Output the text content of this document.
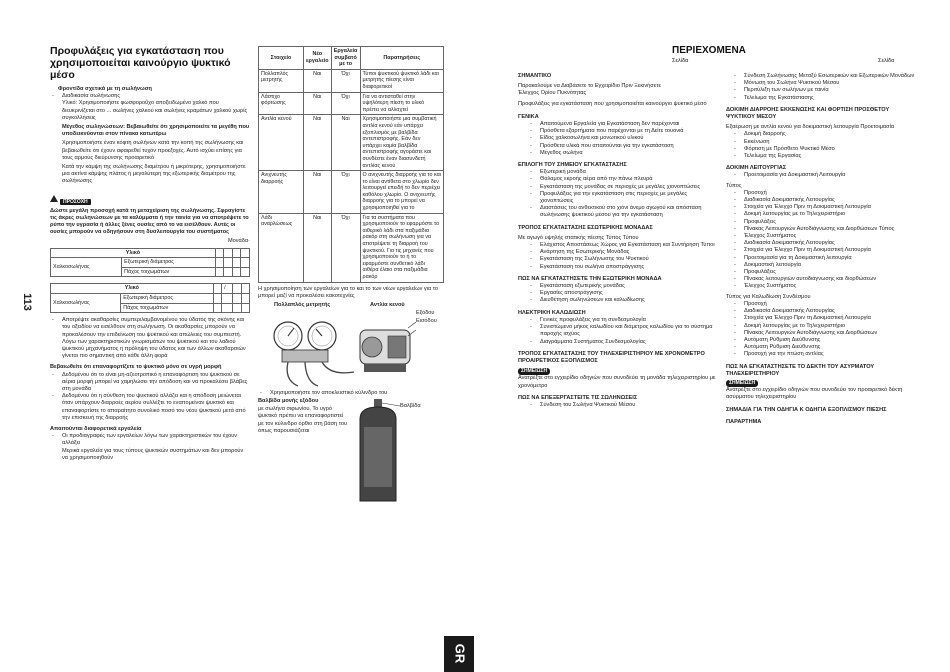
113
GR
Προφυλάξεις για εγκατάσταση που χρησιμοποιείται καινούργιο ψυκτικό μέσο
Φροντίδα σχετικά με τη σωλήνωση
- Διαδικασία σωλήνωσης
Υλικό: Χρησιμοποιήστε φωσφοροΰχο αποξειδωμένο χαλκό που διευκρινίζεται στο ... σωλήνες χαλκού και σωλήνες κραμάτων χαλκού χωρίς συγκολλήσεις
Μέγεθος σωληνώσεων: Βεβαιωθείτε ότι χρησιμοποιείτε τα μεγέθη που υποδεικνύονται στον πίνακα κατωτέρω
Χρησιμοποιήστε έναν κόφτη σωλήνων κατά την κοπή της σωλήνωσης και βεβαιωθείτε ότι έχουν αφαιρεθεί τυχόν προεξοχές. Αυτό ισχύει επίσης για τους αρμούς διεύρυνσης προαιρετικό
Κατά την κάμψη της σωλήνωσης διαμέτρου ή μικρότερης, χρησιμοποιήστε μια ακτίνα κάμψης πλάτος ή μεγαλύτερη της εξωτερικής διαμέτρου της σωλήνωσης
ΠΡΟΣΟΧΗ
Δώστε μεγάλη προσοχή κατά τη μεταχείριση της σωλήνωσης. Σφραγίστε τις άκρες σωληνώσεων με τα καλύμματα ή την ταινία για να αποτρέψετε το ρύπο την υγρασία ή άλλες ξένες ουσίες από το να εισέλθουν. Αυτές οι ουσίες μπορούν να οδηγήσουν στη δυσλειτουργία του συστήματος
Μονάδα·
Υλικό					
Χαλκοσωλήνας	Εξωτερική διάμετρος				
	Πάχος τοιχωμάτων				
Υλικό			/		
Χαλκοσωλήνας	Εξωτερική διάμετρος				
	Πάχος τοιχωμάτων				
- Αποτρέψτε ακαθαρσίες συμπεριλαμβανομένου του ύδατος της σκόνης και του οξειδίου να εισέλθουν στη σωλήνωση. Οι ακαθαρσίες μπορούν να προκαλέσουν την επιδείνωση του ψυκτικού και απώλειες του συμπιεστή. Λόγω των χαρακτηριστικών γνωρισμάτων του ψυκτικού και του λαδιού ψυκτικού μηχανήματος η πρόληψη του ύδατος και των άλλων ακαθαρσιών γίνεται πιο σημαντική από κάθε άλλη φορά
Βεβαιωθείτε ότι επαναφορτίζετε το ψυκτικό μόνο σε υγρή μορφή
- Δεδομένου ότι το είναι μη-αζεοτροπικό η επαναφόρτιση του ψυκτικού σε αέρια μορφή μπορεί να χαμηλώσει την απόδοση και να προκαλέσει βλάβες στη μονάδα
- Δεδομένου ότι η σύνθεση του ψυκτικού αλλάζει και η απόδοση μειώνεται όταν υπάρχουν διαρροές αερίου συλλέξτε το εναπομείναν ψυκτικό και επαναφορτίστε το απαραίτητο συνολικό ποσό του νέου ψυκτικού μετά από την επισκευή της διαρροής
Απαιτούνται διαφορετικά εργαλεία
- Οι προδιαγραφές των εργαλείων λόγω των χαρακτηριστικών του έχουν αλλάξει
Μερικά εργαλεία για τους τύπους ψυκτικών συστημάτων και δεν μπορούν να χρησιμοποιηθούν
Στοιχείο	Νέο εργαλείο	Εργαλεία συμβατό με το	Παρατηρήσεις
Πολλαπλός μετρητής	Ναι	Όχι	Τύποι ψυκτικού ψυκτικό λάδι και μετρητής πίεσης είναι διαφορετικοί
Λάστιχο φόρτωσης	Ναι	Όχι	Για να αντισταθεί στην υψηλότερη πίεση το υλικό πρέπει να αλλαχτεί
Αντλία κενού	Ναι	Ναι	Χρησιμοποιήστε μια συμβατική αντλία κενού εάν υπάρχει εξοπλισμός με βαλβίδα αντεπιστροφής. Εάν δεν υπάρχει καμία βαλβίδα αντεπιστροφής αγοράστε και συνδέστε έναν διασυνδετή αντλίας κενού
Ανιχνευτής διαρροής	Ναι	Όχι	Ο ανιχνευτής διαρροής για το και το είναι αντίθετα στο χλωρίο δεν λειτουργεί επειδή το δεν περιέχει καθόλου χλωρίο. Ο ανιχνευτής διαρροής για το μπορεί να χρησιμοποιηθεί για το
Λάδι αναρλώσεως	Ναι	Όχι	Για τα συστήματα που χρησιμοποιούν το εφαρμόστε το αιθερικό λάδι στα παξιμάδια ρακόρ στη σωλήνωση για να αποτρέψετε τη διαρροή του ψυκτικού. Για τις μηχανές που χρησιμοποιούν το ή το εφαρμόστε συνθετικό λάδι αιθέρα έλαιο στα παξιμάδια ρακόρ
Η χρησιμοποίηση των εργαλείων για το και το των νέων εργαλείων για το μπορεί μαζί να προκαλέσει κακοτεχνίες
Πολλαπλός μετρητής	Αντλία κενού
Εξόδου
Εισόδου
- Χρησιμοποιήστε τον αποκλειστικό κύλινδρο του
Βαλβίδα μονής εξόδου
με σωλήνα σιφωνίου. Το υγρό ψυκτικό πρέπει να επαναφορτιστεί με τον κύλινδρο όρθιο στη βάση του όπως παρουσιάζεται
Βαλβίδα
ΠΕΡΙΕΧΟΜΕΝΑ
Σελίδα	Σελίδα
ΣΗΜΑΝΤΙΚΟ
Παρακαλούμε να Διαβάσετε το Εγχειρίδιο Πριν Ξεκινήσετε
Έλεγχος Ορίου Πυκνότητας
Προφυλάξεις για εγκατάσταση που χρησιμοποιείται καινούργιο ψυκτικό μέσο
ΓΕΝΙΚΑ
- Απαιτούμενα Εργαλεία για Εγκατάσταση δεν παρέχονται
- Πρόσθετα εξαρτήματα που παρέχονται με τη Δείτε τουονιά
- Είδος χαλκοσωλήνα και μονωτικού υλικού
- Πρόσθετα υλικά που απαιτούνται για την εγκατάσταση
- Μέγεθος σωλήνα
ΕΠΙΛΟΓΗ ΤΟΥ ΣΗΜΕΙΟΥ ΕΓΚΑΤΑΣΤΑΣΗΣ
- Εξωτερική μονάδα
- Θάλαμος εκροής αέρα από την πάνω πλευρά
- Εγκατάσταση της μονάδας σε περιοχές με μεγάλες χιονοπτώσεις
- Προφυλάξεις για την εγκατάσταση στις περιοχές με μεγάλες χιονοπτώσεις
- Διαστάσεις του ανθεκτικού στο χιόνι άνεμο αγωγού και απόσταση σωλήνωσης ψυκτικού μέσου για την εγκατάσταση
ΤΡΟΠΟΣ ΕΓΚΑΤΑΣΤΑΣΗΣ ΕΣΩΤΕΡΙΚΗΣ ΜΟΝΑΔΑΣ
Με αγωγό υψηλής στατικής πίεσης Τύπος Τύπου
- Ελάχιστος Αποστάσεως Χώρος για Εγκατάσταση και Συντήρηση Τύποι
- Ανάρτηση της Εσωτερικής Μονάδας
- Εγκατάσταση της Σωλήνωσης του Ψυκτικού
- Εγκατάσταση του σωλήνα αποστράγγισης
ΠΩΣ ΝΑ ΕΓΚΑΤΑΣΤΗΣΕΤΕ ΤΗΝ ΕΞΩΤΕΡΙΚΗ ΜΟΝΑΔΑ
- Εγκατάσταση εξωτερικής μονάδας
- Εργασίες αποστράγγισης
- Διευθέτηση σωληνώσεων και καλωδίωσης
ΗΛΕΚΤΡΙΚΗ ΚΑΛΩΔΙΩΣΗ
- Γενικές προφυλάξεις για τη συνδεσμολογία
- Συνιστώμενο μήκος καλωδίου και διάμετρος καλωδίου για το σύστημα παροχής ισχύος
- Διαγράμματα Συστήματος Συνδεσμολογίας
ΤΡΟΠΟΣ ΕΓΚΑΤΑΣΤΑΣΗΣ ΤΟΥ ΤΗΛΕΧΕΙΡΙΣΤΗΡΙΟΥ ΜΕ ΧΡΟΝΟΜΕΤΡΟ ΠΡΟΑΙΡΕΤΙΚΟΣ ΕΞΟΠΛΙΣΜΟΣ
ΣΗΜΕΙΩΣΗ
Ανατρέξτε στο εγχειρίδιο οδηγιών που συνοδεύει τη μονάδα τηλεχειριστηρίου με χρονόμετρο
ΠΩΣ ΝΑ ΕΠΕΞΕΡΓΑΣΤΕΙΤΕ ΤΙΣ ΣΩΛΗΝΩΣΕΙΣ
- Σύνδεση του Σωλήνα Ψυκτικού Μέσου
- Σύνδεση Σωλήνωσης Μεταξύ Εσωτερικών και Εξωτερικών Μονάδων
- Μόνωση του Σωλήνα Ψυκτικού Μέσου
- Περιτύλιξη των σωλήνων με ταινία
- Τελείωμα της Εγκατάστασης
ΔΟΚΙΜΗ ΔΙΑΡΡΟΗΣ ΕΚΚΕΝΩΣΗΣ ΚΑΙ ΦΟΡΤΙΣΗ ΠΡΟΣΘΕΤΟΥ ΨΥΚΤΙΚΟΥ ΜΕΣΟΥ
Εξαέρωση με αντλία κενού για δοκιμαστική λειτουργία Προετοιμασία
- Δοκιμή διαρροής
- Εκκένωση
- Φόρτιση με Πρόσθετο Ψυκτικό Μέσο
- Τελείωμα της Εργασίας
ΔΟΚΙΜΗ ΛΕΙΤΟΥΡΓΙΑΣ
- Προετοιμασία για Δοκιμαστική Λειτουργία
Τύπος
- Προσοχή
- Διαδικασία Δοκιμαστικής Λειτουργίας
- Στοιχεία για Έλεγχο Πριν τη Δοκιμαστική Λειτουργία
- Δοκιμή λειτουργίας με το Τηλεχειριστήριο
- Προφυλάξεις
- Πίνακας Λειτουργιών Αυτοδιάγνωσης και Διορθώσεων Τύπος
- Έλεγχος Συστήματος
- Διαδικασία Δοκιμαστικής Λειτουργίας
- Στοιχεία για Έλεγχο Πριν τη Δοκιμαστική Λειτουργία
- Προετοιμασία για τη Δοκιμαστική λειτουργία
- Δοκιμαστική λειτουργία
- Προφυλάξεις
- Πίνακας λειτουργιών αυτοδιάγνωσης και διορθώσεων
- Έλεγχος Συστήματος
Τύπος για Καλωδίωση Συνδέσμου
- Προσοχή
- Διαδικασία Δοκιμαστικής Λειτουργίας
- Στοιχεία για Έλεγχο Πριν τη Δοκιμαστική Λειτουργία
- Δοκιμή λειτουργίας με το Τηλεχειριστήριο
- Πίνακας Λειτουργιών Αυτοδιάγνωσης και Διορθώσεων
- Αυτόματη Ρύθμιση Διεύθυνσης
- Αυτόματη Ρύθμιση Διεύθυνσης
- Προσοχή για την πτώση αντλίας
ΠΩΣ ΝΑ ΕΓΚΑΤΑΣΤΗΣΕΤΕ ΤΟ ΔΕΚΤΗ ΤΟΥ ΑΣΥΡΜΑΤΟΥ ΤΗΛΕΧΕΙΡΙΣΤΗΡΙΟΥ
ΣΗΜΕΙΩΣΗ
Ανατρέξτε στο εγχειρίδιο οδηγιών που συνοδεύει τον προαιρετικό δέκτη ασύρματου τηλεχειριστηρίου
ΣΗΜΑΔΙΑ ΓΙΑ ΤΗΝ ΟΔΗΓΙΑ Κ ΟΔΗΓΙΑ ΕΞΟΠΛΙΣΜΟΥ ΠΙΕΣΗΣ
ΠΑΡΑΡΤΗΜΑ
